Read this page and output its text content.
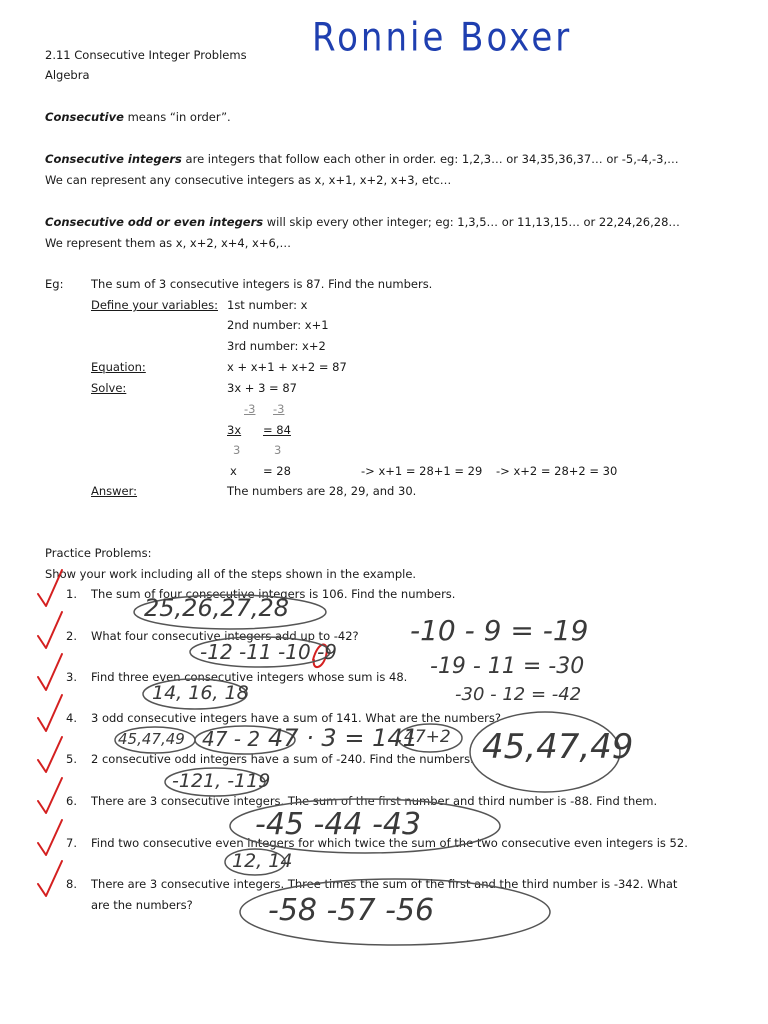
Ronnie Boxer
2.11 Consecutive Integer Problems
Algebra
Consecutive means “in order”.
Consecutive integers are integers that follow each other in order. eg: 1,2,3… or 34,35,36,37… or -5,-4,-3,…
We can represent any consecutive integers as x, x+1, x+2, x+3, etc…
Consecutive odd or even integers will skip every other integer; eg: 1,3,5… or 11,13,15… or 22,24,26,28…
We represent them as x, x+2, x+4, x+6,…
Eg: The sum of 3 consecutive integers is 87. Find the numbers.
Define your variables: 1st number: x
2nd number: x+1
3rd number: x+2
Equation:	x + x+1 + x+2 = 87
Solve:	3x + 3 = 87
-3 -3
3x = 84
3	3
x = 28	-> x+1 = 28+1 = 29 -> x+2 = 28+2 = 30
Answer:	The numbers are 28, 29, and 30.
Practice Problems:
Show your work including all of the steps shown in the example.
1. The sum of four consecutive integers is 106. Find the numbers.
2. What four consecutive integers add up to -42?
3. Find three even consecutive integers whose sum is 48.
4. 3 odd consecutive integers have a sum of 141. What are the numbers?
5. 2 consecutive odd integers have a sum of -240. Find the numbers.
6. There are 3 consecutive integers. The sum of the first number and third number is -88. Find them.
7. Find two consecutive even integers for which twice the sum of the two consecutive even integers is 52.
8. There are 3 consecutive integers. Three times the sum of the first and the third number is -342. What
are the numbers?
25,26,27,28
-12 -11 -10 -9
-10 - 9 = -19
-19 - 11 = -30
-30 - 12 = -42
14, 16, 18
45,47,49 47 - 2 47 · 3 = 141
47+2 45,47,49
-121, -119
-45 -44 -43
12, 14
-58 -57 -56
